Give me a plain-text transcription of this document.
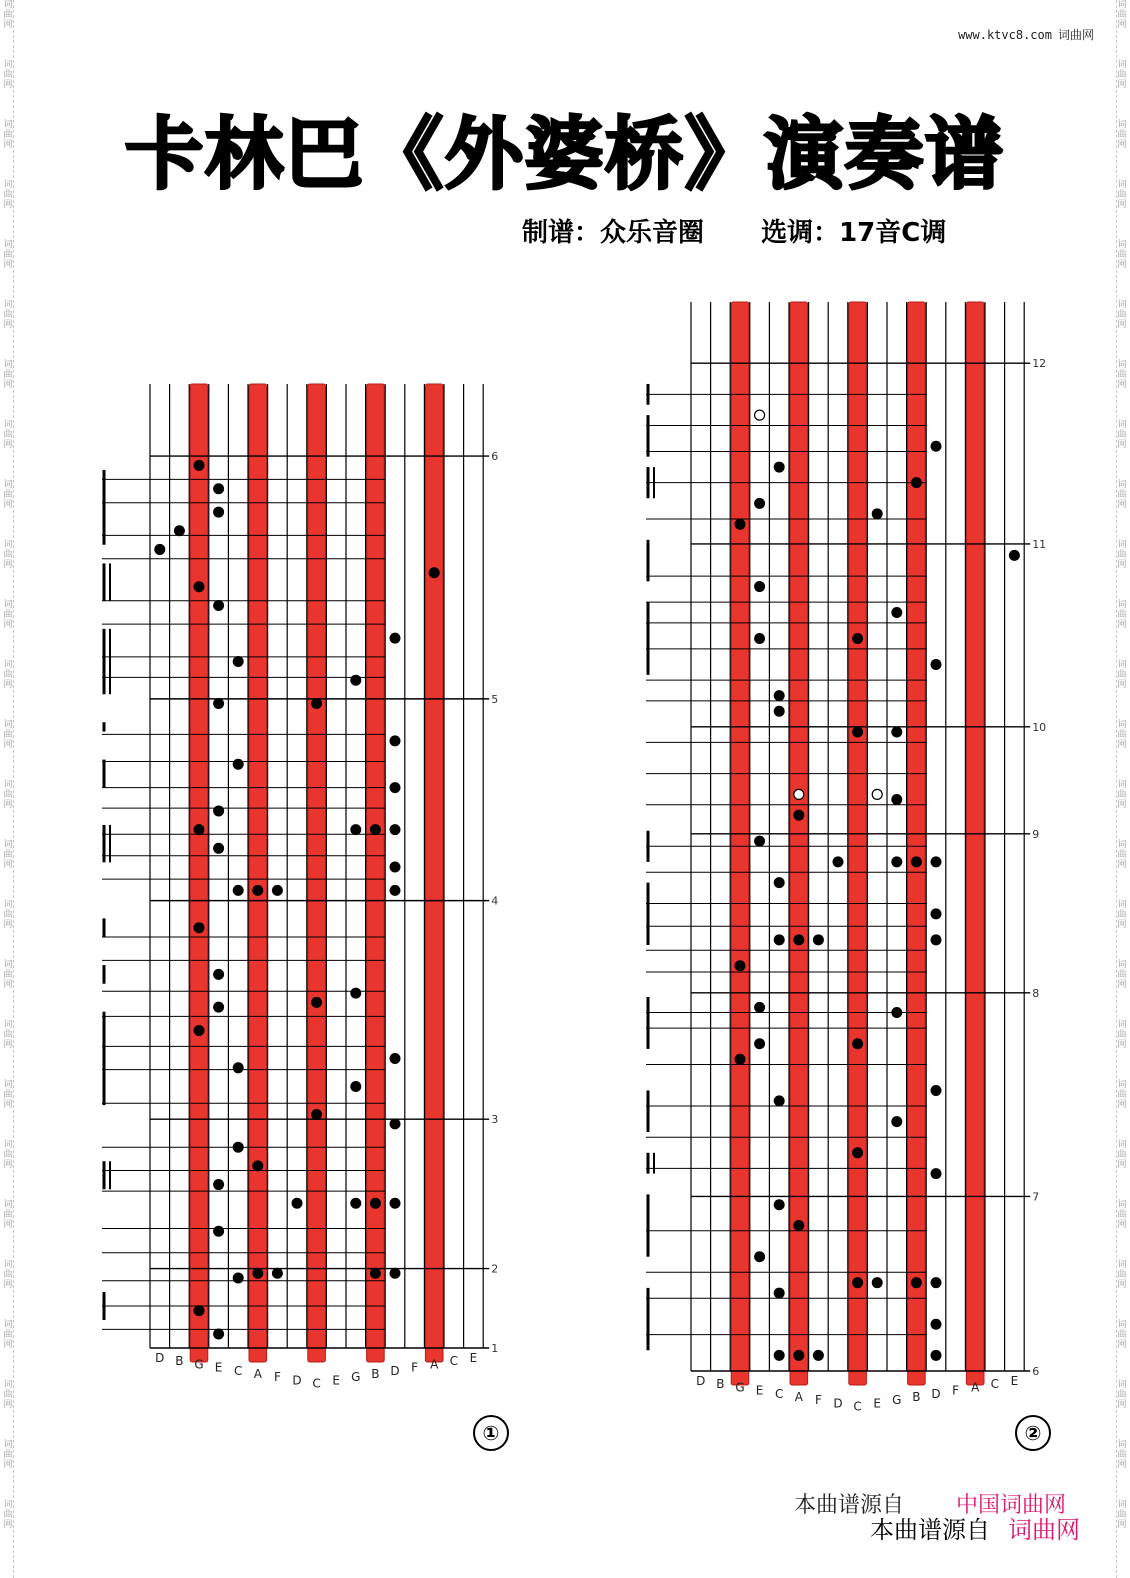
词曲网
词曲网
词曲网
词曲网
词曲网
词曲网
词曲网
词曲网
词曲网
词曲网
词曲网
词曲网
词曲网
词曲网
词曲网
词曲网
词曲网
词曲网
词曲网
词曲网
词曲网
词曲网
词曲网
词曲网
词曲网
词曲网
词曲网
词曲网
词曲网
词曲网
词曲网
词曲网
词曲网
词曲网
词曲网
词曲网
词曲网
词曲网
词曲网
词曲网
词曲网
词曲网
词曲网
词曲网
词曲网
词曲网
词曲网
词曲网
词曲网
词曲网
词曲网
词曲网
www.ktvc8.com 词曲网
卡林巴《外婆桥》演奏谱
制谱：众乐音圈 选调：17音C调
1
2
3
4
5
6
D B G E C A F D C E G B D F A C E
①
6
7
8
9
10
11
12
D B G E C A F D C E G B D F A C E
②
本曲谱源自 中国词曲网
本曲谱源自 词曲网
